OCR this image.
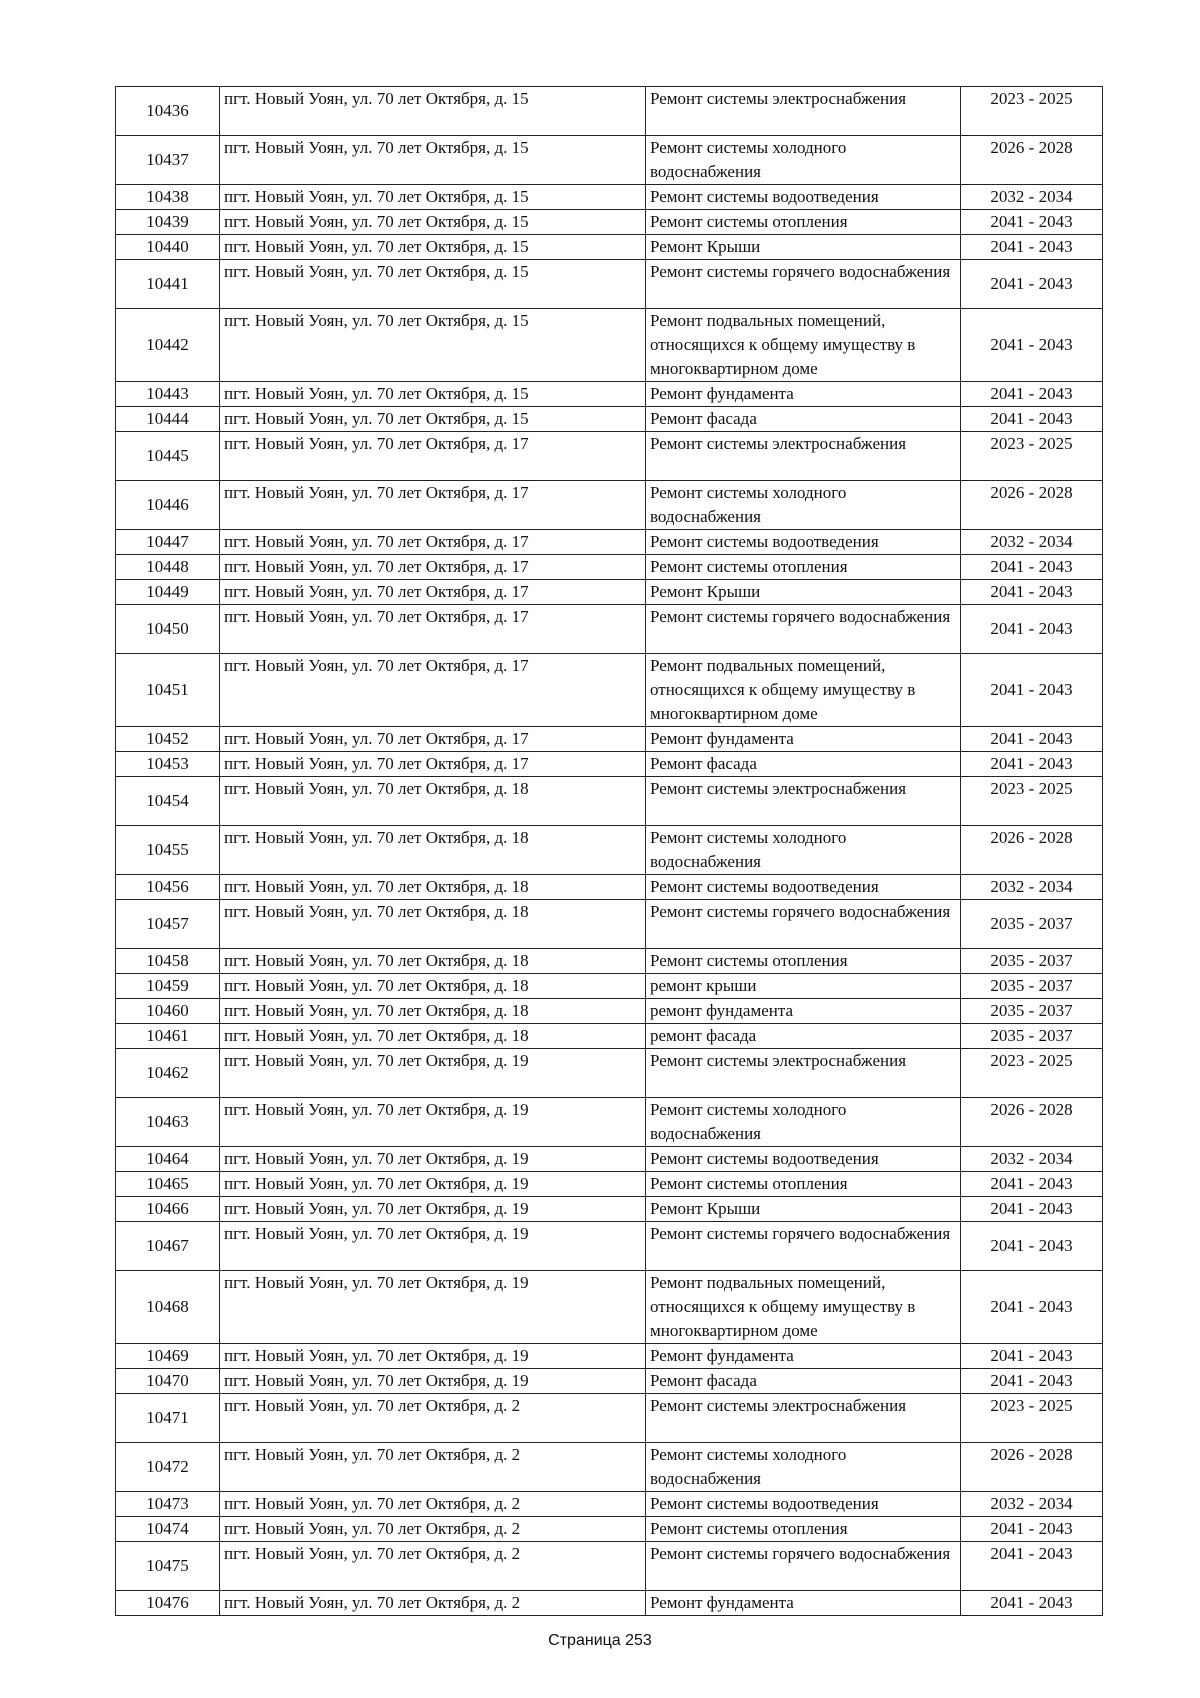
10436	пгт. Новый Уоян, ул. 70 лет Октября, д. 15	Ремонт системы электроснабжения	2023 - 2025
10437	пгт. Новый Уоян, ул. 70 лет Октября, д. 15	Ремонт системы холодного водоснабжения	2026 - 2028
10438	пгт. Новый Уоян, ул. 70 лет Октября, д. 15	Ремонт системы водоотведения	2032 - 2034
10439	пгт. Новый Уоян, ул. 70 лет Октября, д. 15	Ремонт системы отопления	2041 - 2043
10440	пгт. Новый Уоян, ул. 70 лет Октября, д. 15	Ремонт Крыши	2041 - 2043
10441	пгт. Новый Уоян, ул. 70 лет Октября, д. 15	Ремонт системы горячего водоснабжения	2041 - 2043
10442	пгт. Новый Уоян, ул. 70 лет Октября, д. 15	Ремонт подвальных помещений, относящихся к общему имуществу в многоквартирном доме	2041 - 2043
10443	пгт. Новый Уоян, ул. 70 лет Октября, д. 15	Ремонт фундамента	2041 - 2043
10444	пгт. Новый Уоян, ул. 70 лет Октября, д. 15	Ремонт фасада	2041 - 2043
10445	пгт. Новый Уоян, ул. 70 лет Октября, д. 17	Ремонт системы электроснабжения	2023 - 2025
10446	пгт. Новый Уоян, ул. 70 лет Октября, д. 17	Ремонт системы холодного водоснабжения	2026 - 2028
10447	пгт. Новый Уоян, ул. 70 лет Октября, д. 17	Ремонт системы водоотведения	2032 - 2034
10448	пгт. Новый Уоян, ул. 70 лет Октября, д. 17	Ремонт системы отопления	2041 - 2043
10449	пгт. Новый Уоян, ул. 70 лет Октября, д. 17	Ремонт Крыши	2041 - 2043
10450	пгт. Новый Уоян, ул. 70 лет Октября, д. 17	Ремонт системы горячего водоснабжения	2041 - 2043
10451	пгт. Новый Уоян, ул. 70 лет Октября, д. 17	Ремонт подвальных помещений, относящихся к общему имуществу в многоквартирном доме	2041 - 2043
10452	пгт. Новый Уоян, ул. 70 лет Октября, д. 17	Ремонт фундамента	2041 - 2043
10453	пгт. Новый Уоян, ул. 70 лет Октября, д. 17	Ремонт фасада	2041 - 2043
10454	пгт. Новый Уоян, ул. 70 лет Октября, д. 18	Ремонт системы электроснабжения	2023 - 2025
10455	пгт. Новый Уоян, ул. 70 лет Октября, д. 18	Ремонт системы холодного водоснабжения	2026 - 2028
10456	пгт. Новый Уоян, ул. 70 лет Октября, д. 18	Ремонт системы водоотведения	2032 - 2034
10457	пгт. Новый Уоян, ул. 70 лет Октября, д. 18	Ремонт системы горячего водоснабжения	2035 - 2037
10458	пгт. Новый Уоян, ул. 70 лет Октября, д. 18	Ремонт системы отопления	2035 - 2037
10459	пгт. Новый Уоян, ул. 70 лет Октября, д. 18	ремонт крыши	2035 - 2037
10460	пгт. Новый Уоян, ул. 70 лет Октября, д. 18	ремонт фундамента	2035 - 2037
10461	пгт. Новый Уоян, ул. 70 лет Октября, д. 18	ремонт фасада	2035 - 2037
10462	пгт. Новый Уоян, ул. 70 лет Октября, д. 19	Ремонт системы электроснабжения	2023 - 2025
10463	пгт. Новый Уоян, ул. 70 лет Октября, д. 19	Ремонт системы холодного водоснабжения	2026 - 2028
10464	пгт. Новый Уоян, ул. 70 лет Октября, д. 19	Ремонт системы водоотведения	2032 - 2034
10465	пгт. Новый Уоян, ул. 70 лет Октября, д. 19	Ремонт системы отопления	2041 - 2043
10466	пгт. Новый Уоян, ул. 70 лет Октября, д. 19	Ремонт Крыши	2041 - 2043
10467	пгт. Новый Уоян, ул. 70 лет Октября, д. 19	Ремонт системы горячего водоснабжения	2041 - 2043
10468	пгт. Новый Уоян, ул. 70 лет Октября, д. 19	Ремонт подвальных помещений, относящихся к общему имуществу в многоквартирном доме	2041 - 2043
10469	пгт. Новый Уоян, ул. 70 лет Октября, д. 19	Ремонт фундамента	2041 - 2043
10470	пгт. Новый Уоян, ул. 70 лет Октября, д. 19	Ремонт фасада	2041 - 2043
10471	пгт. Новый Уоян, ул. 70 лет Октября, д. 2	Ремонт системы электроснабжения	2023 - 2025
10472	пгт. Новый Уоян, ул. 70 лет Октября, д. 2	Ремонт системы холодного водоснабжения	2026 - 2028
10473	пгт. Новый Уоян, ул. 70 лет Октября, д. 2	Ремонт системы водоотведения	2032 - 2034
10474	пгт. Новый Уоян, ул. 70 лет Октября, д. 2	Ремонт системы отопления	2041 - 2043
10475	пгт. Новый Уоян, ул. 70 лет Октября, д. 2	Ремонт системы горячего водоснабжения	2041 - 2043
10476	пгт. Новый Уоян, ул. 70 лет Октября, д. 2	Ремонт фундамента	2041 - 2043
Страница 253
